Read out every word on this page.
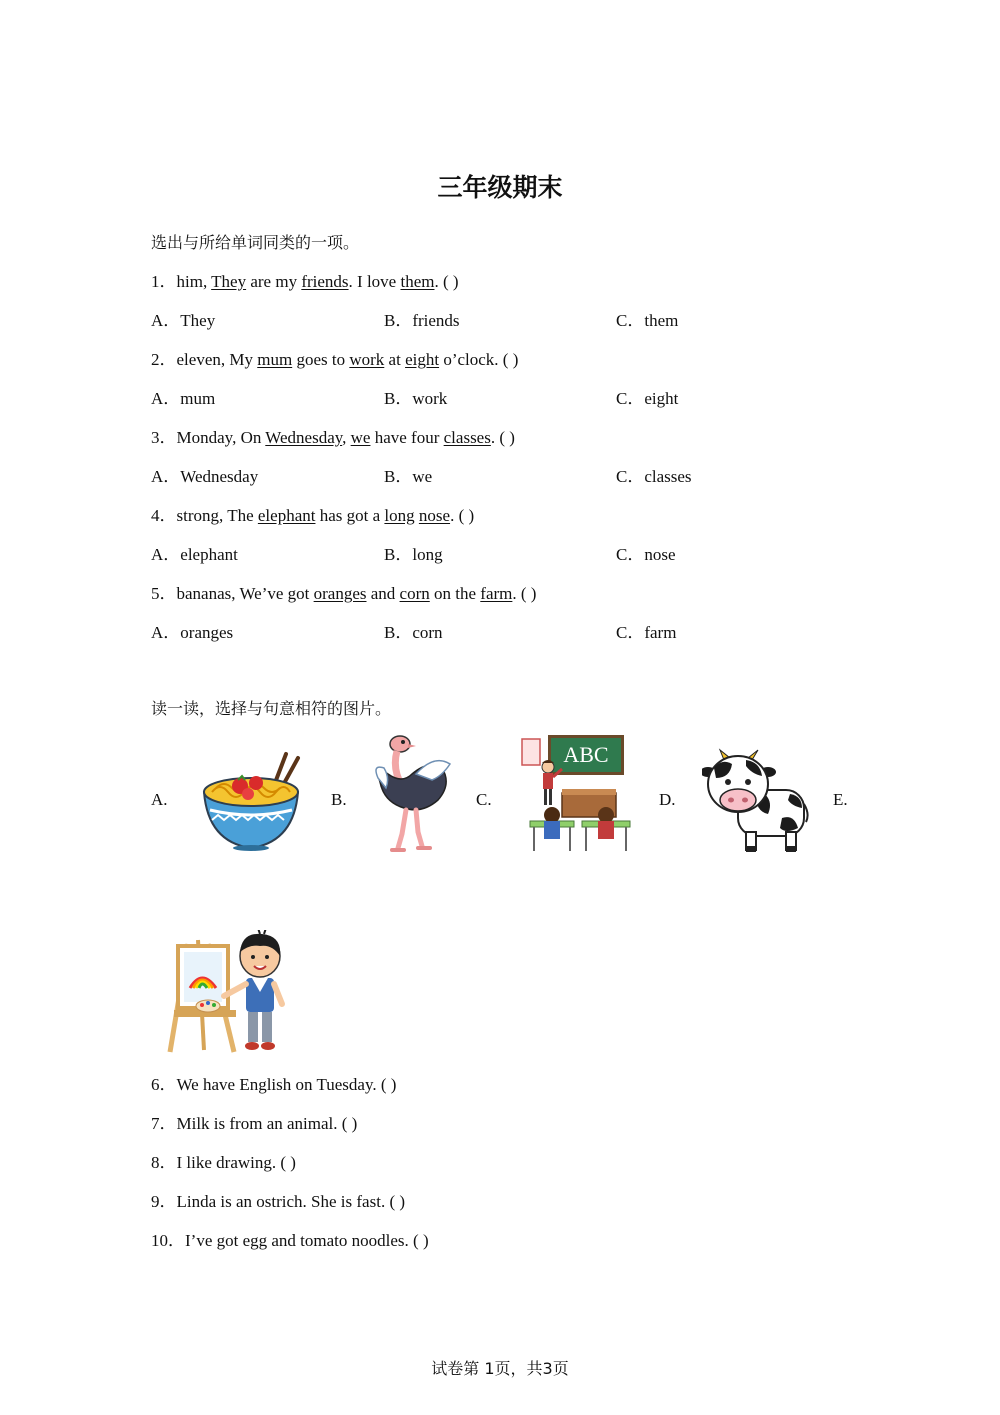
三年级期末
选出与所给单词同类的一项。
1．him, They are my friends. I love them. ( )
A．They	B．friends	C．them
2．eleven, My mum goes to work at eight o’clock. ( )
A．mum	B．work	C．eight
3．Monday, On Wednesday, we have four classes. ( )
A．Wednesday	B．we	C．classes
4．strong, The elephant has got a long nose. ( )
A．elephant	B．long	C．nose
5．bananas, We’ve got oranges and corn on the farm. ( )
A．oranges	B．corn	C．farm
读一读，选择与句意相符的图片。
A.	B.	C.	D.	E.
ABC
6．We have English on Tuesday. ( )
7．Milk is from an animal. ( )
8．I like drawing. ( )
9．Linda is an ostrich. She is fast. ( )
10．I’ve got egg and tomato noodles. ( )
试卷第 1页，共3页
